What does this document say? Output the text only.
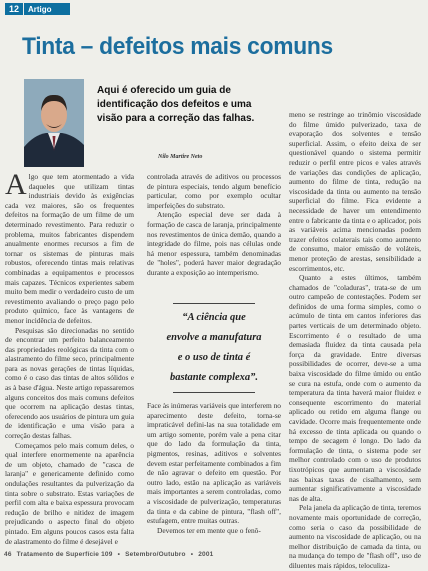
12	Artigo
Tinta – defeitos mais comuns
Aqui é oferecido um guia de identificação dos defeitos e uma visão para a correção das falhas.
Nilo Martire Neto

Algo que tem atormentado a vida daqueles que utilizam tintas industriais devido às exigências cada vez maiores, são os frequentes defeitos na formação de um filme de um determinado revestimento. Para reduzir o problema, muitos fabricantes dispendem anualmente enormes recursos a fim de tornar os sistemas de pinturas mais robustos, oferecendo tintas mais relativas combinadas a equipamentos e processos mais capazes. Técnicos experientes sabem muito bem medir o verdadeiro custo de um revestimento avaliando o preço pago pelo produto químico, face às vantagens de menor incidência de defeitos.

Pesquisas são direcionadas no sentido de encontrar um perfeito balanceamento das propriedades reológicas da tinta com o alastramento do filme seco, principalmente para as novas gerações de tintas líquidas, como é o caso das tintas de altos sólidos e as à base d'água. Neste artigo repassaremos alguns conceitos dos mais comuns defeitos que ocorrem na aplicação destas tintas, oferecendo aos usuários de pintura um guia de identificação e uma visão para a correção destas falhas.

Começamos pelo mais comum deles, o qual interfere enormemente na aparência de um objeto, chamado de "casca de laranja" e genericamente definido como ondulações resultantes da pulverização da tinta sobre o substrato. Estas variações de perfil com alta e baixa espessura provocam redução de brilho e nitidez de imagem prejudicando o aspecto final do objeto pintado. Em alguns poucos casos esta falta de alastramento do filme é desejável e

controlada através de aditivos ou processos de pintura especiais, tendo algum benefício particular, como por exemplo ocultar imperfeições do substrato.

Atenção especial deve ser dada à formação de casca de laranja, principalmente nos revestimentos de única demão, quando a integridade do filme, pois nas células onde há menor espessura, também denominadas de "holes", poderá haver maior degradação durante a exposição ao intemperismo.

“A ciência que
envolve a manufatura
e o uso de tinta é
bastante complexa”.

Face às inúmeras variáveis que interferem no aparecimento deste defeito, torna-se impraticável defini-las na sua totalidade em um artigo somente, porém vale a pena citar que do lado da formulação da tinta, pigmentos, resinas, aditivos e solventes devem estar perfeitamente combinados a fim de não agravar o defeito em questão. Por outro lado, estão na aplicação as variáveis mais importantes a serem controladas, como a viscosidade de pulverização, temperaturas da tinta e da cabine de pintura, "flash off", estufagem, entre muitas outras.

Devemos ter em mente que o fenô-

meno se restringe ao trinômio viscosidade do filme úmido pulverizado, taxa de evaporação dos solventes e tensão superficial. Assim, o efeito deixa de ser questionável quando o sistema permitir reduzir o perfil entre picos e vales através de variações das condições de aplicação, aumento do filme de tinta, redução na viscosidade da tinta ou aumento na tensão superficial do filme. Fica evidente a necessidade de haver um entendimento entre o fabricante da tinta e o aplicador, pois as variáveis acima mencionadas podem trazer efeitos colaterais tais como aumento de consumo, maior emissão de voláteis, menor proteção de arestas, sensibilidade a escorrimentos, etc.

Quanto a estes últimos, também chamados de "coladuras", trata-se de um outro campeão de contestações. Podem ser definidos de uma forma simples, como o acúmulo de tinta em cantos inferiores das partes verticais de um determinado objeto. Escorrimento é o resultado de uma demasiada fluidez da tinta causada pela força da gravidade. Entre diversas possibilidades de ocorrer, deve-se a uma baixa viscosidade do filme úmido ou então se cura na estufa, onde com o aumento da temperatura da tinta haverá maior fluidez e consequente escorrimento do material aplicado ou retido em alguma flange ou cavidade. Ocorre mais frequentemente onde há excesso de tinta aplicada ou quando o tempo de secagem é longo. Do lado da formulação de tinta, o sistema pode ser melhor controlado com o uso de produtos tixotrópicos que aumentam a viscosidade nas baixas taxas de cisalhamento, sem aumentar significativamente a viscosidade nas de alta.

Pela janela da aplicação de tinta, teremos novamente mais oportunidade de correção, como seria o caso da possibilidade de aumento na viscosidade de aplicação, ou na melhor distribuição de camada da tinta, ou na mudança do tempo de "flash off", uso de diluentes mais rápidos, teloculiza-

46 Tratamento de Superfície 109 • Setembro/Outubro • 2001
